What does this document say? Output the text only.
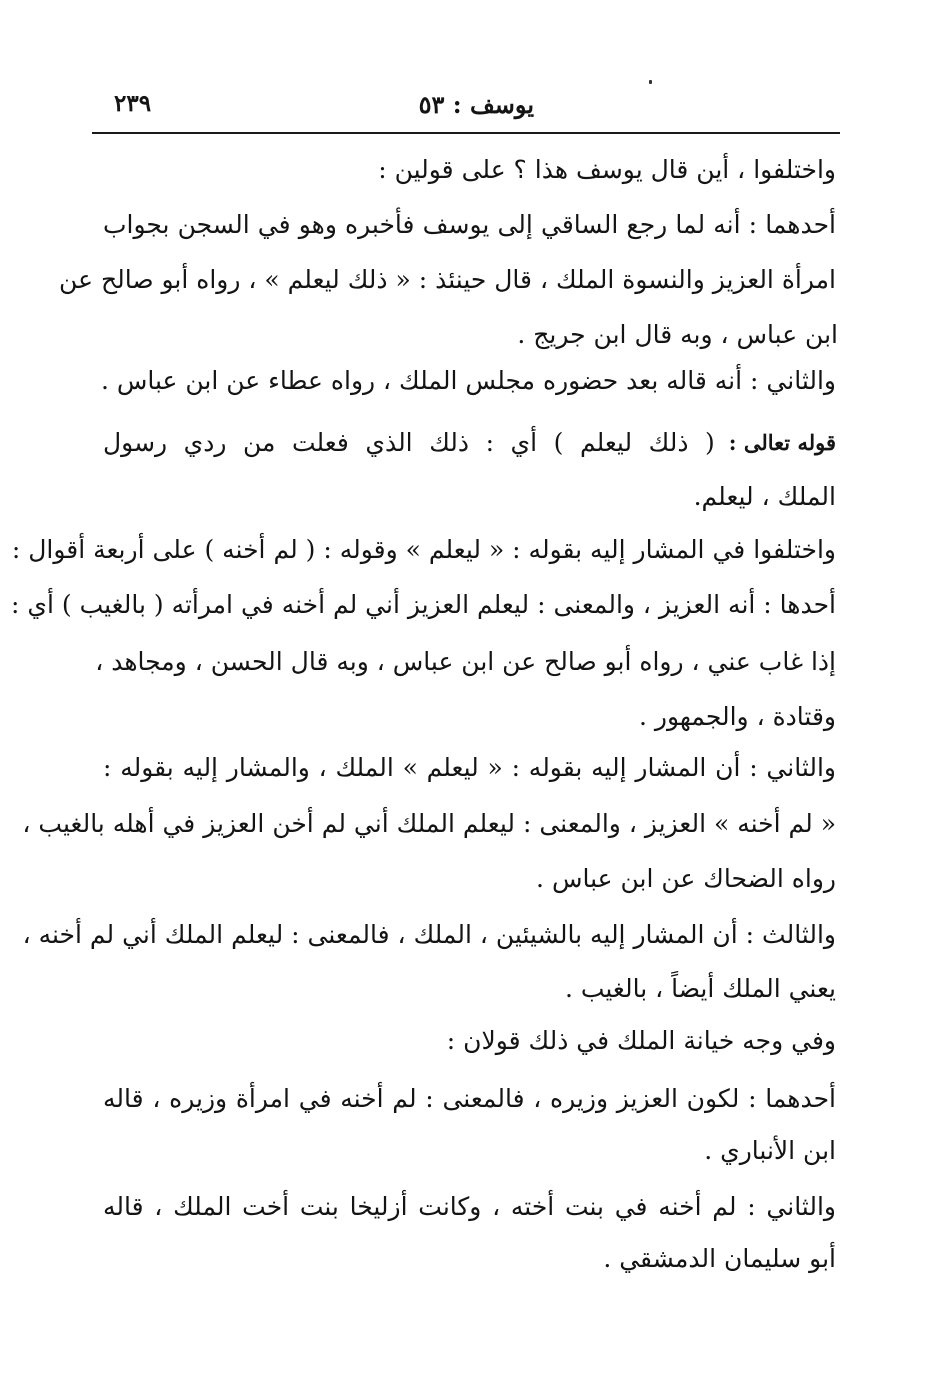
يوسف : ٥٣
٢٣٩
واختلفوا ، أين قال يوسف هذا ؟ على قولين :
أحدهما : أنه لما رجع الساقي إلى يوسف فأخبره وهو في السجن بجواب
امرأة العزيز والنسوة الملك ، قال حينئذ : « ذلك ليعلم » ، رواه أبو صالح عن
ابن عباس ، وبه قال ابن جريج .
والثاني : أنه قاله بعد حضوره مجلس الملك ، رواه عطاء عن ابن عباس .
قوله تعالى :
( ذلك ليعلم ) أي : ذلك الذي فعلت من ردي رسول
الملك ، ليعلم.
واختلفوا في المشار إليه بقوله : « ليعلم » وقوله : ( لم أخنه ) على أربعة أقوال :
أحدها : أنه العزيز ، والمعنى : ليعلم العزيز أني لم أخنه في امرأته ( بالغيب ) أي :
إذا غاب عني ، رواه أبو صالح عن ابن عباس ، وبه قال الحسن ، ومجاهد ،
وقتادة ، والجمهور .
والثاني : أن المشار إليه بقوله : « ليعلم » الملك ، والمشار إليه بقوله :
« لم أخنه » العزيز ، والمعنى : ليعلم الملك أني لم أخن العزيز في أهله بالغيب ،
رواه الضحاك عن ابن عباس .
والثالث : أن المشار إليه بالشيئين ، الملك ، فالمعنى : ليعلم الملك أني لم أخنه ،
يعني الملك أيضاً ، بالغيب .
وفي وجه خيانة الملك في ذلك قولان :
أحدهما : لكون العزيز وزيره ، فالمعنى : لم أخنه في امرأة وزيره ، قاله
ابن الأنباري .
والثاني : لم أخنه في بنت أخته ، وكانت أزليخا بنت أخت الملك ، قاله
أبو سليمان الدمشقي .
